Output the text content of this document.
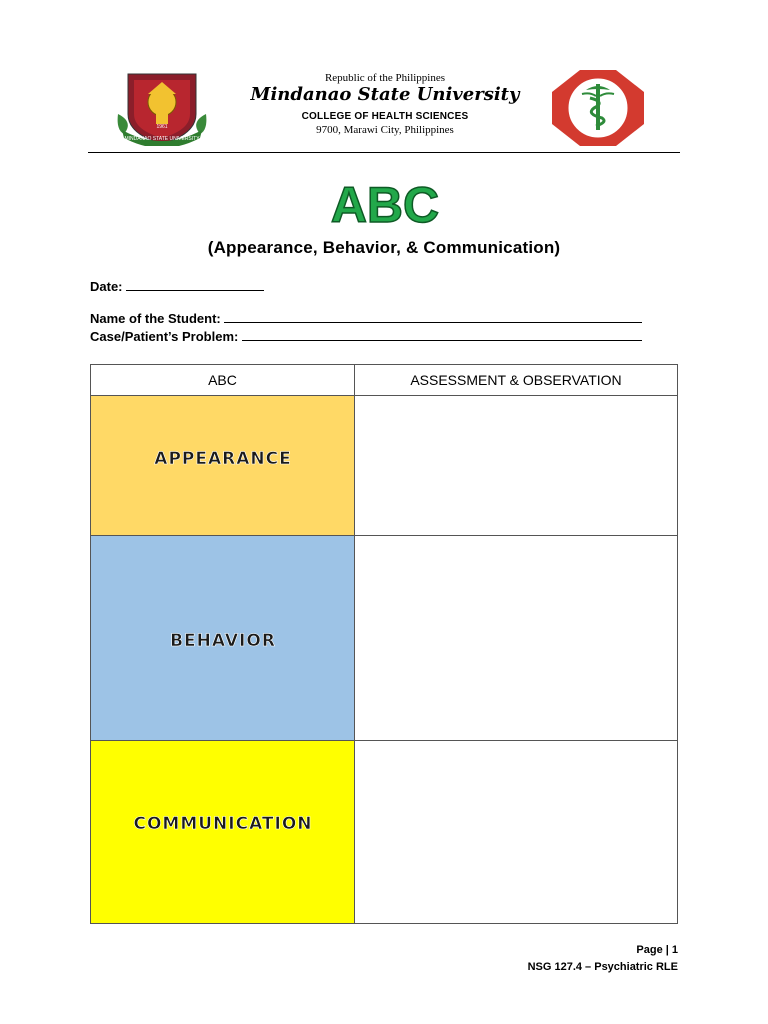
MINDANAO STATE UNIVERSITY
1961
Republic of the Philippines
Mindanao State University
COLLEGE OF HEALTH SCIENCES
9700, Marawi City, Philippines
ABC
(Appearance, Behavior, & Communication)
Date:
Name of the Student:
Case/Patient’s Problem:
ABC	ASSESSMENT & OBSERVATION
APPEARANCE
BEHAVIOR
COMMUNICATION
Page | 1
NSG 127.4 – Psychiatric RLE
